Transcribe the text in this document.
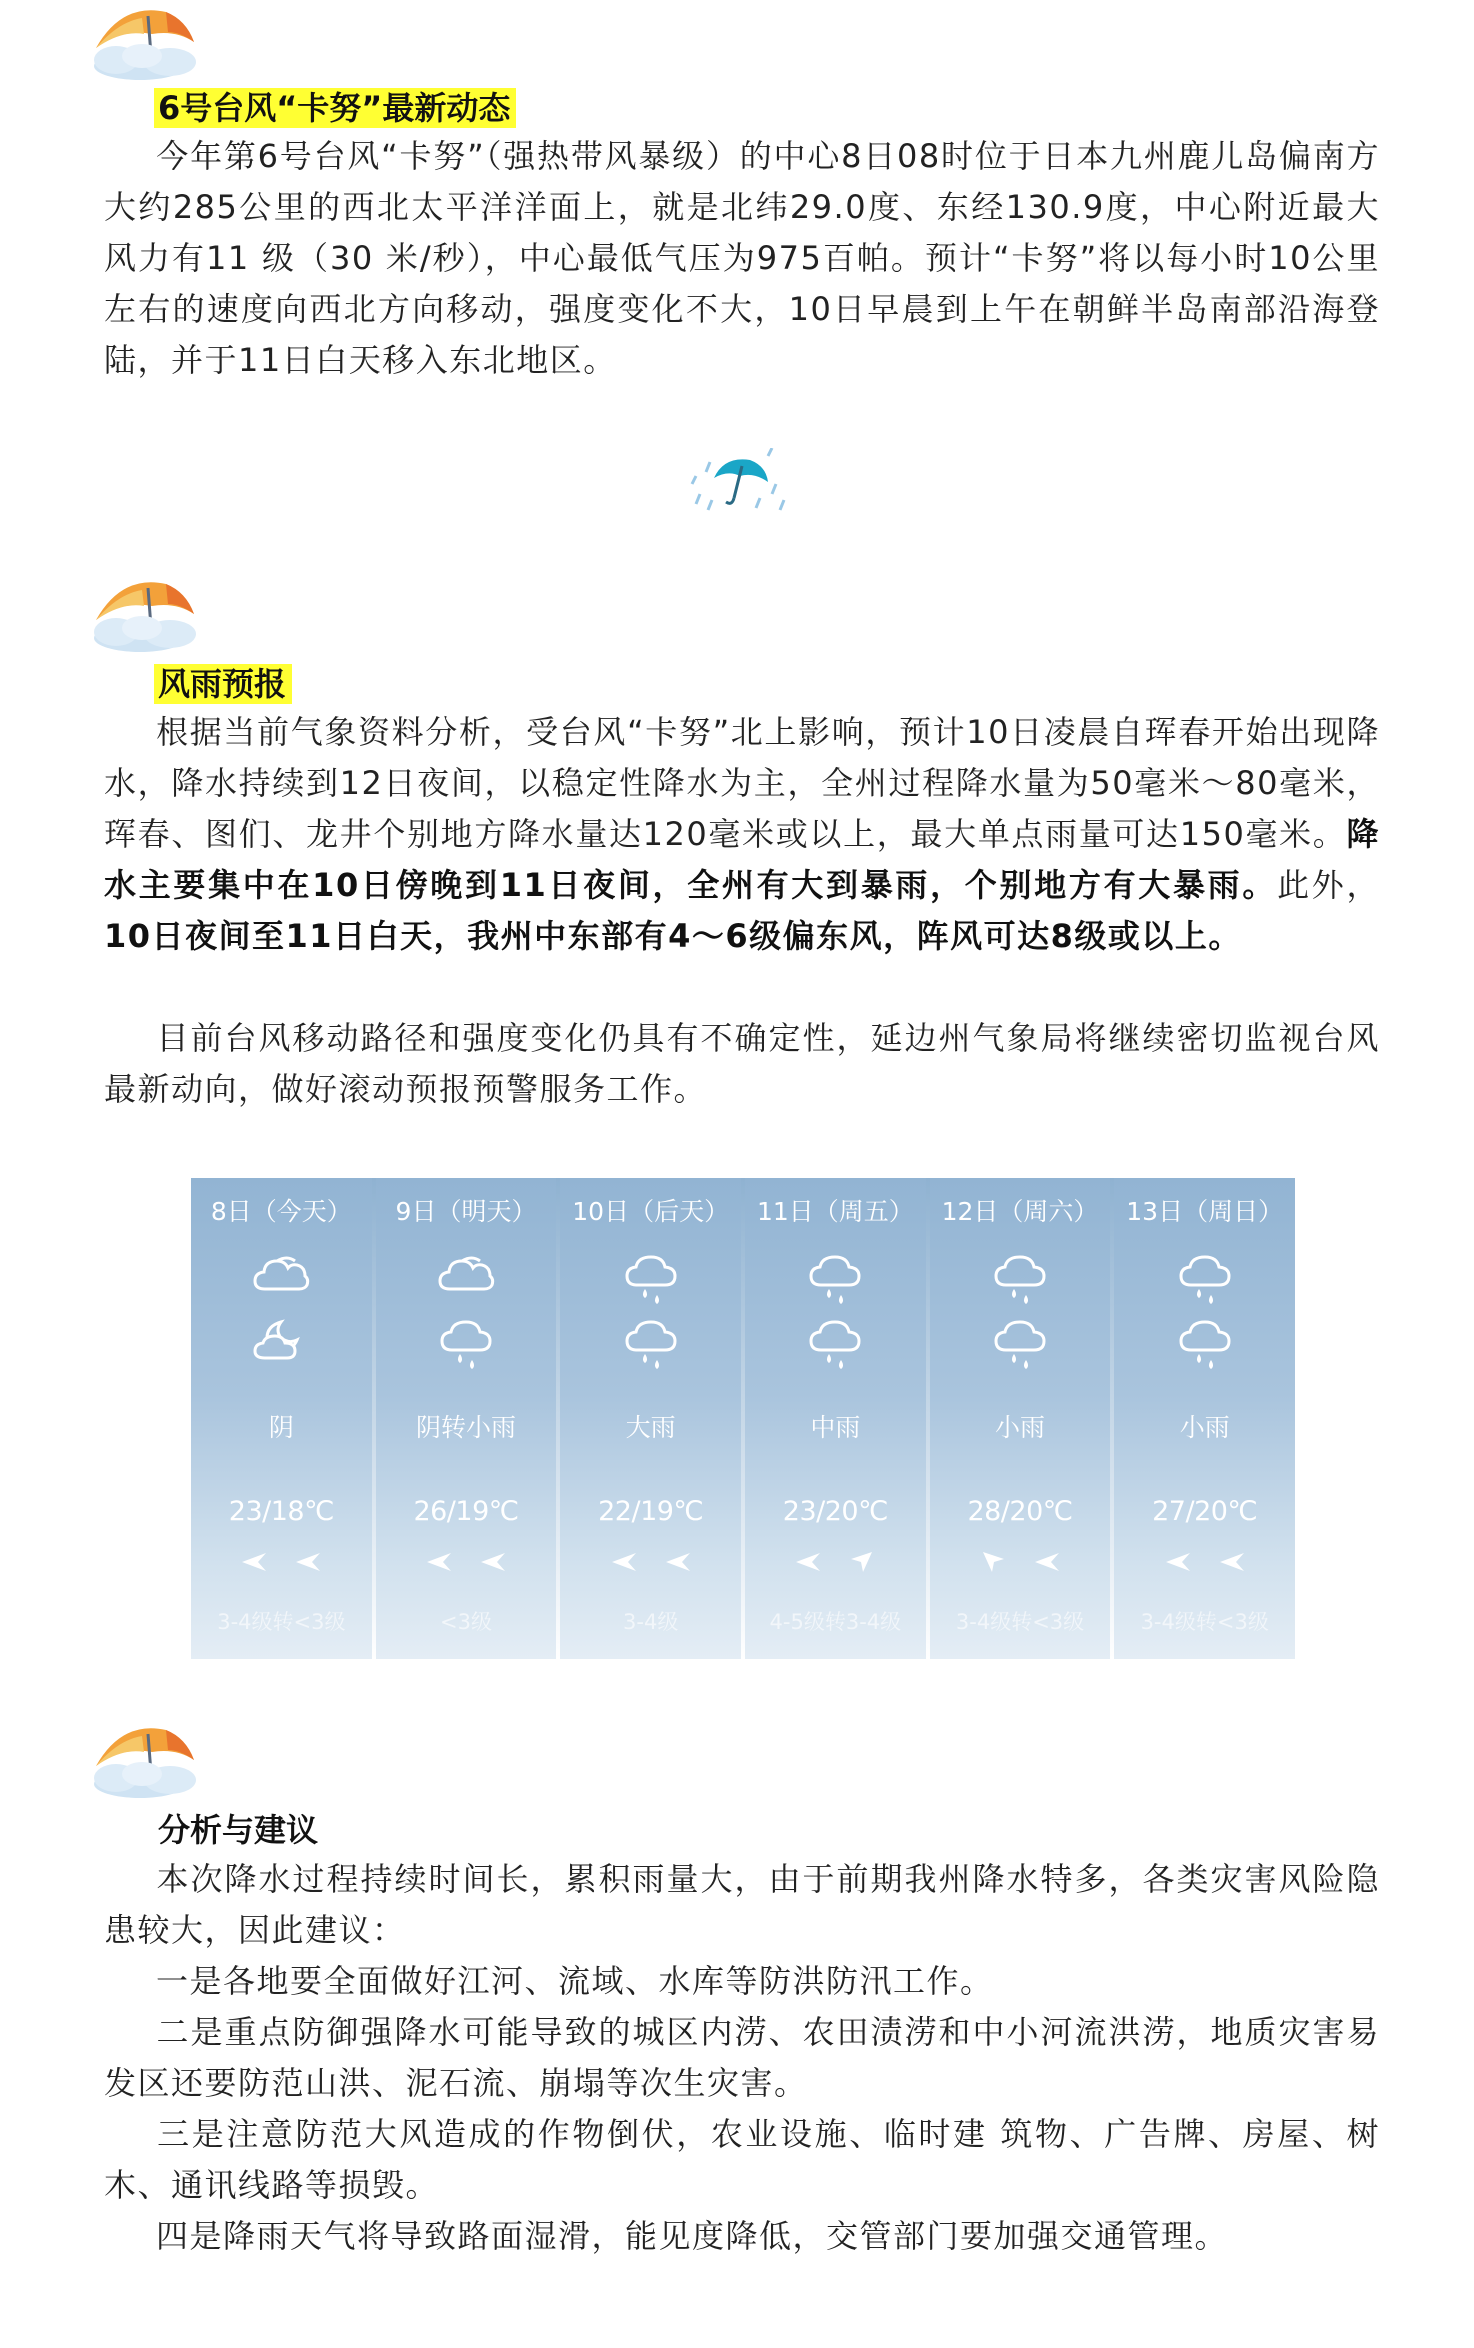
6号台风“卡努”最新动态
今年第6号台风“卡努”（强热带风暴级）的中心8日08时位于日本九州鹿儿岛偏南方大约285公里的西北太平洋洋面上，就是北纬29.0度、东经130.9度，中心附近最大风力有11 级（30 米/秒），中心最低气压为975百帕。预计“卡努”将以每小时10公里左右的速度向西北方向移动，强度变化不大，10日早晨到上午在朝鲜半岛南部沿海登陆，并于11日白天移入东北地区。
风雨预报
根据当前气象资料分析，受台风“卡努”北上影响，预计10日凌晨自珲春开始出现降水，降水持续到12日夜间，以稳定性降水为主，全州过程降水量为50毫米～80毫米，珲春、图们、龙井个别地方降水量达120毫米或以上，最大单点雨量可达150毫米。降水主要集中在10日傍晚到11日夜间，全州有大到暴雨，个别地方有大暴雨。此外，10日夜间至11日白天，我州中东部有4～6级偏东风，阵风可达8级或以上。
目前台风移动路径和强度变化仍具有不确定性，延边州气象局将继续密切监视台风最新动向，做好滚动预报预警服务工作。
8日（今天）
阴
23/18℃
3-4级转<3级
9日（明天）
阴转小雨
26/19℃
<3级
10日（后天）
大雨
22/19℃
3-4级
11日（周五）
中雨
23/20℃
4-5级转3-4级
12日（周六）
小雨
28/20℃
3-4级转<3级
13日（周日）
小雨
27/20℃
3-4级转<3级
分析与建议
本次降水过程持续时间长，累积雨量大，由于前期我州降水特多，各类灾害风险隐患较大，因此建议：
一是各地要全面做好江河、流域、水库等防洪防汛工作。
二是重点防御强降水可能导致的城区内涝、农田渍涝和中小河流洪涝，地质灾害易发区还要防范山洪、泥石流、崩塌等次生灾害。
三是注意防范大风造成的作物倒伏，农业设施、临时建 筑物、广告牌、房屋、树木、通讯线路等损毁。
四是降雨天气将导致路面湿滑，能见度降低，交管部门要加强交通管理。
